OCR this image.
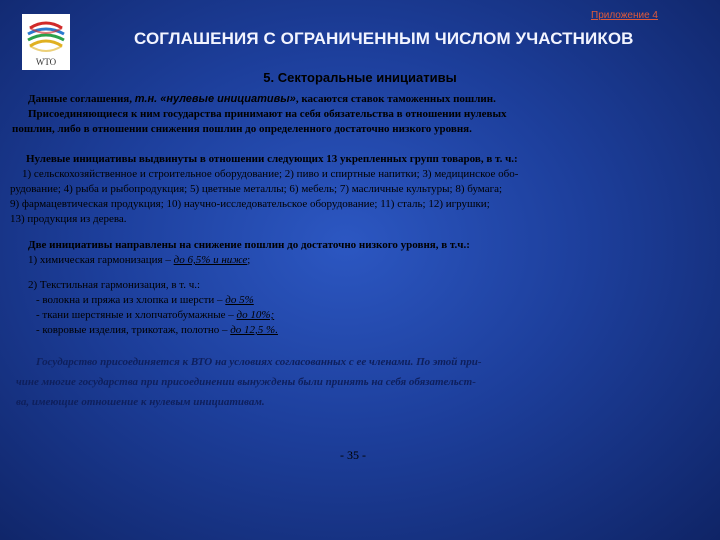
WTO
Приложение 4
СОГЛАШЕНИЯ С ОГРАНИЧЕННЫМ ЧИСЛОМ УЧАСТНИКОВ
5. Секторальные инициативы
Данные соглашения, т.н. «нулевые инициативы», касаются ставок таможенных пошлин.
Присоединяющиеся к ним государства принимают на себя обязательства в отношении нулевых
пошлин, либо в отношении снижения пошлин до определенного достаточно низкого уровня.
Нулевые инициативы выдвинуты в отношении следующих 13 укрепленных групп товаров, в т. ч.:
1) сельскохозяйственное и строительное оборудование; 2) пиво и спиртные напитки; 3) медицинское обо-
рудование; 4) рыба и рыбопродукция; 5) цветные металлы; 6) мебель; 7) масличные культуры; 8) бумага;
9) фармацевтическая продукция; 10) научно-исследовательское оборудование; 11) сталь; 12) игрушки;
13) продукция из дерева.
Две инициативы направлены на снижение пошлин до достаточно низкого уровня, в т.ч.:
1) химическая гармонизация – до 6,5% и ниже;
2) Текстильная гармонизация, в т. ч.:
- волокна и пряжа из хлопка и шерсти – до 5%
- ткани шерстяные и хлопчатобумажные – до 10%;
- ковровые изделия, трикотаж, полотно – до 12,5 %.
Государство присоединяется к ВТО на условиях согласованных с ее членами. По этой при-
чине многие государства при присоединении вынуждены были принять на себя обязательст-
ва, имеющие отношение к нулевым инициативам.
- 35 -
